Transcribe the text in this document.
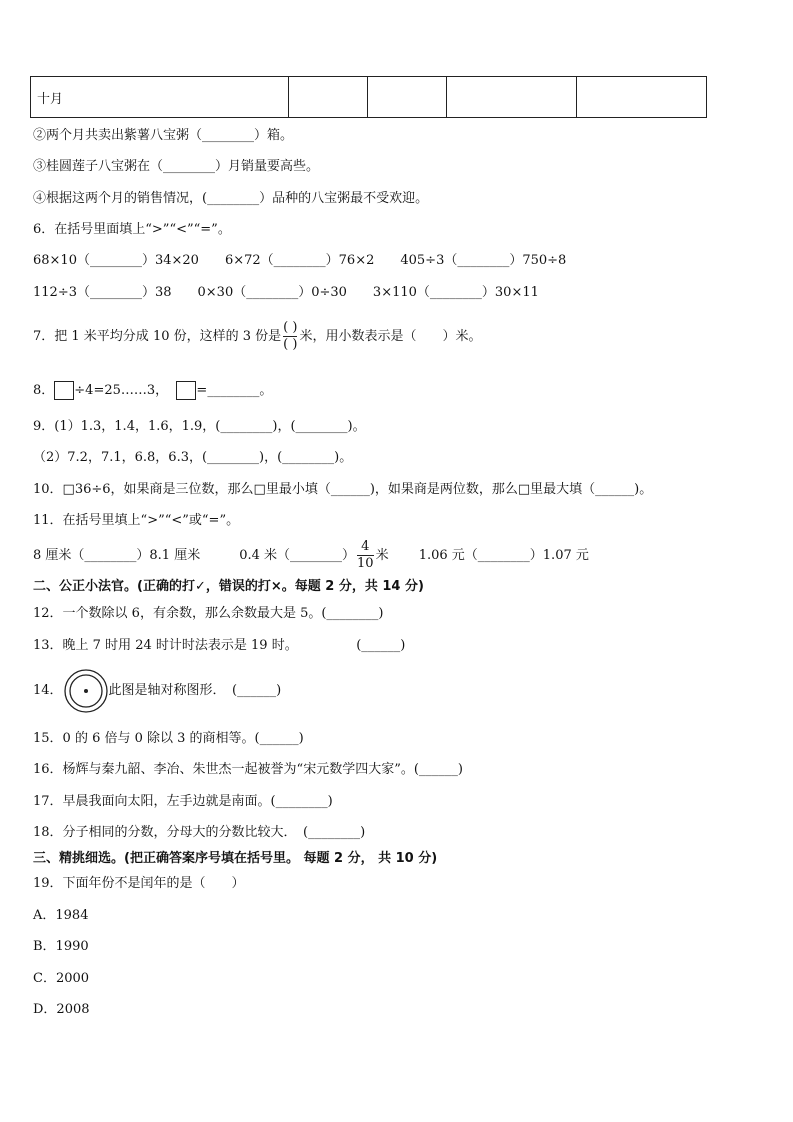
十月				
②两个月共卖出紫薯八宝粥（________）箱。
③桂圆莲子八宝粥在（________）月销量要高些。
④根据这两个月的销售情况，(________）品种的八宝粥最不受欢迎。
6．在括号里面填上“>”“<”“=”。
68×10（________）34×20　　6×72（________）76×2　　405÷3（________）750÷8
112÷3（________）38　　0×30（________）0÷30　　3×110（________）30×11
7．把 1 米平均分成 10 份，这样的 3 份是 $\frac{( )}{( )}$ 米，用小数表示是（　　）米。
8． ÷4=25……3， =________。
9．(1）1.3，1.4，1.6，1.9，(________)，(________)。
（2）7.2，7.1，6.8，6.3，(________)，(________)。
10．□36÷6，如果商是三位数，那么□里最小填（______)，如果商是两位数，那么□里最大填（______)。
11．在括号里填上“>”“<”或“=”。
8 厘米（________）8.1 厘米　　　0.4 米（________） $\frac{4}{10}$ 米　　 1.06 元（________）1.07 元
二、公正小法官。(正确的打✓，错误的打×。每题 2 分，共 14 分)
12．一个数除以 6，有余数，那么余数最大是 5。(________)
13．晚上 7 时用 24 时计时法表示是 19 时。　　　　　(______)
14．	此图是轴对称图形．　(______)
15．0 的 6 倍与 0 除以 3 的商相等。(______)
16．杨辉与秦九韶、李冶、朱世杰一起被誉为“宋元数学四大家”。(______)
17．早晨我面向太阳，左手边就是南面。(________)
18．分子相同的分数，分母大的分数比较大．　(________)
三、精挑细选。(把正确答案序号填在括号里。 每题 2 分， 共 10 分)
19．下面年份不是闰年的是（　　）
A．1984
B．1990
C．2000
D．2008
